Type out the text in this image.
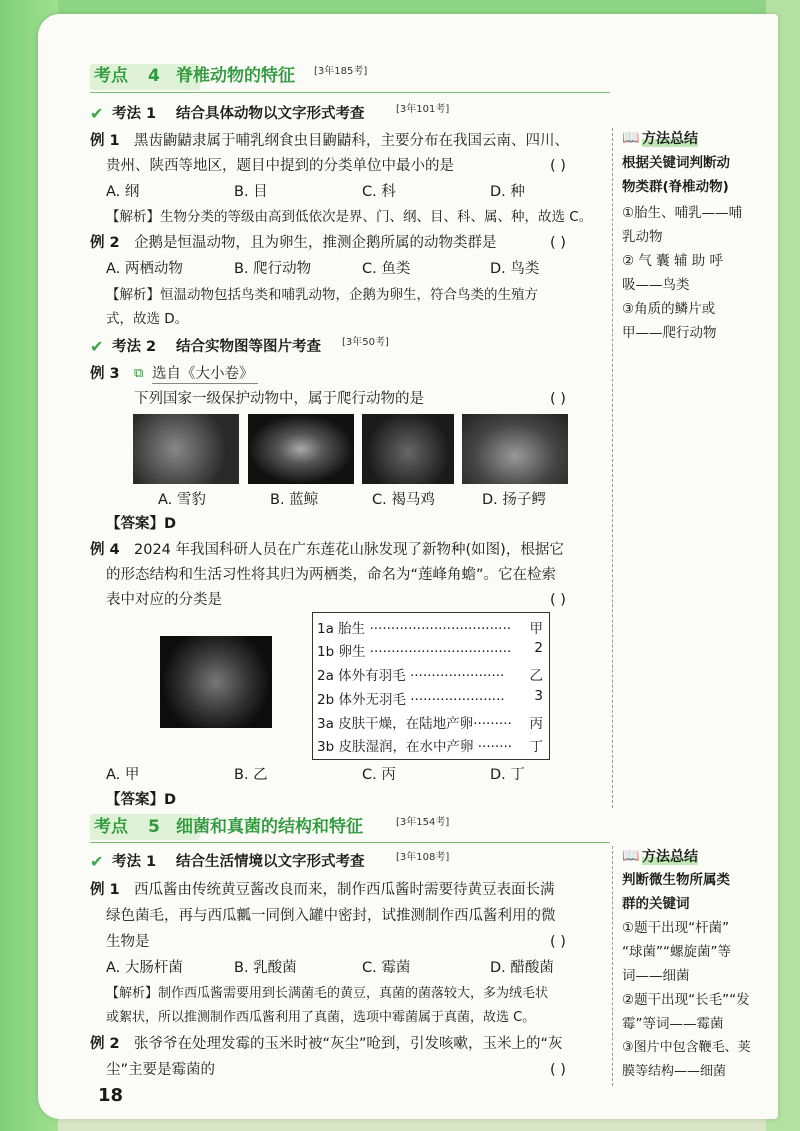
考点 4 脊椎动物的特征 [3年185考]
✔ 考法 1 结合具体动物以文字形式考查	[3年101考]
例 1 黑齿鼩鼱隶属于哺乳纲食虫目鼩鼱科，主要分布在我国云南、四川、
贵州、陕西等地区，题目中提到的分类单位中最小的是	( )
A. 纲	B. 目	C. 科	D. 种
【解析】生物分类的等级由高到低依次是界、门、纲、目、科、属、种，故选 C。
例 2 企鹅是恒温动物，且为卵生，推测企鹅所属的动物类群是	( )
A. 两栖动物	B. 爬行动物	C. 鱼类	D. 鸟类
【解析】恒温动物包括鸟类和哺乳动物，企鹅为卵生，符合鸟类的生殖方
式，故选 D。
✔ 考法 2 结合实物图等图片考查 [3年50考]
例 3 ⧉ 选自《大小卷》
下列国家一级保护动物中，属于爬行动物的是	( )
A. 雪豹	B. 蓝鲸	C. 褐马鸡	D. 扬子鳄
【答案】D
例 4 2024 年我国科研人员在广东莲花山脉发现了新物种(如图)，根据它
的形态结构和生活习性将其归为两栖类，命名为“莲峰角蟾”。它在检索
表中对应的分类是	( )
1a 胎生 ································· 甲
1b 卵生 ································· 2
2a 体外有羽毛 ······················ 乙
2b 体外无羽毛 ······················ 3
3a 皮肤干燥，在陆地产卵········· 丙
3b 皮肤湿润，在水中产卵 ········ 丁
A. 甲	B. 乙	C. 丙	D. 丁
【答案】D
考点 5 细菌和真菌的结构和特征	[3年154考]
✔ 考法 1 结合生活情境以文字形式考查	[3年108考]
例 1 西瓜酱由传统黄豆酱改良而来，制作西瓜酱时需要待黄豆表面长满
绿色菌毛，再与西瓜瓤一同倒入罐中密封，试推测制作西瓜酱利用的微
生物是	( )
A. 大肠杆菌	B. 乳酸菌	C. 霉菌	D. 醋酸菌
【解析】制作西瓜酱需要用到长满菌毛的黄豆，真菌的菌落较大，多为绒毛状
或絮状，所以推测制作西瓜酱利用了真菌，选项中霉菌属于真菌，故选 C。
例 2 张爷爷在处理发霉的玉米时被“灰尘”呛到，引发咳嗽，玉米上的“灰
尘”主要是霉菌的	( )
📖 方法总结
根据关键词判断动
物类群(脊椎动物)
①胎生、哺乳——哺
乳动物
② 气 囊 辅 助 呼
吸——鸟类
③角质的鳞片或
甲——爬行动物
📖 方法总结
判断微生物所属类
群的关键词
①题干出现“杆菌”
“球菌”“螺旋菌”等
词——细菌
②题干出现“长毛”“发
霉”等词——霉菌
③图片中包含鞭毛、荚
膜等结构——细菌
18
